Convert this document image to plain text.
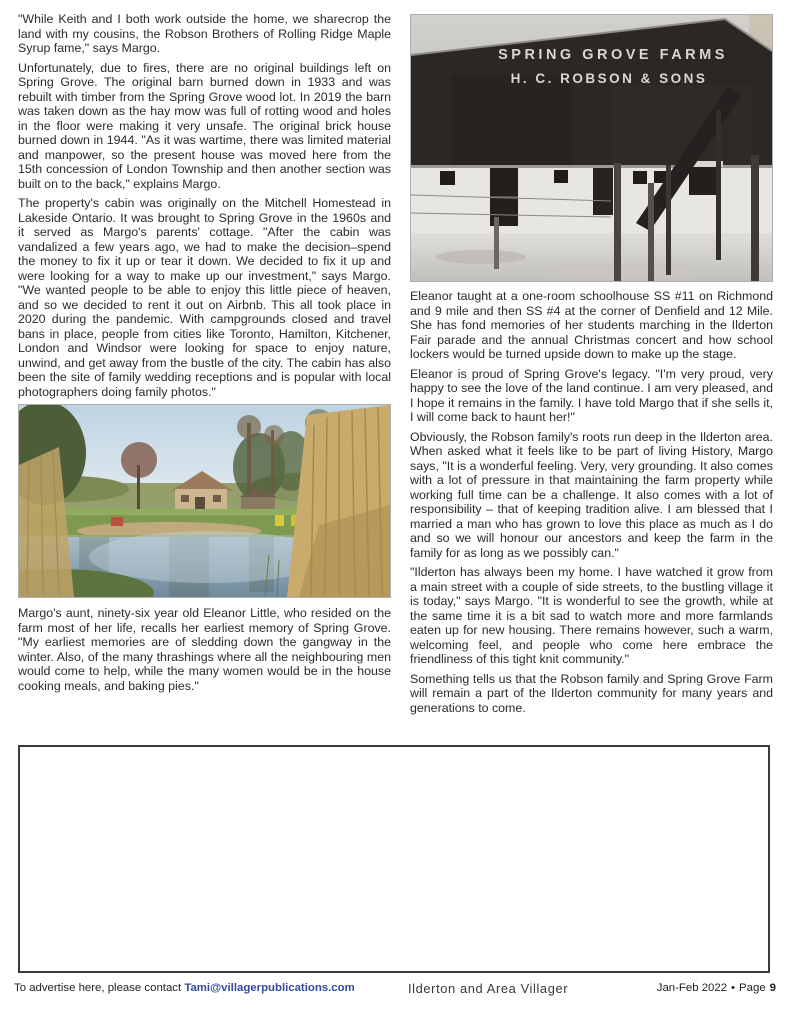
"While Keith and I both work outside the home, we sharecrop the land with my cousins, the Robson Brothers of Rolling Ridge Maple Syrup fame," says Margo.

Unfortunately, due to fires, there are no original buildings left on Spring Grove. The original barn burned down in 1933 and was rebuilt with timber from the Spring Grove wood lot. In 2019 the barn was taken down as the hay mow was full of rotting wood and holes in the floor were making it very unsafe. The original brick house burned down in 1944. "As it was wartime, there was limited material and manpower, so the present house was moved here from the 15th concession of London Township and then another section was built on to the back," explains Margo.

The property's cabin was originally on the Mitchell Homestead in Lakeside Ontario. It was brought to Spring Grove in the 1960s and it served as Margo's parents' cottage. "After the cabin was vandalized a few years ago, we had to make the decision–spend the money to fix it up or tear it down. We decided to fix it up and were looking for a way to make up our investment," says Margo. "We wanted people to be able to enjoy this little piece of heaven, and so we decided to rent it out on Airbnb. This all took place in 2020 during the pandemic. With campgrounds closed and travel bans in place, people from cities like Toronto, Hamilton, Kitchener, London and Windsor were looking for space to enjoy nature, unwind, and get away from the bustle of the city. The cabin has also been the site of family wedding receptions and is popular with local photographers doing family photos."

Margo's aunt, ninety-six year old Eleanor Little, who resided on the farm most of her life, recalls her earliest memory of Spring Grove. "My earliest memories are of sledding down the gangway in the winter. Also, of the many thrashings where all the neighbouring men would come to help, while the many women would be in the house cooking meals, and baking pies."

SPRING GROVE FARMS
H. C. ROBSON & SONS

Eleanor taught at a one-room schoolhouse SS #11 on Richmond and 9 mile and then SS #4 at the corner of Denfield and 12 Mile. She has fond memories of her students marching in the Ilderton Fair parade and the annual Christmas concert and how school lockers would be turned upside down to make up the stage.

Eleanor is proud of Spring Grove's legacy. "I'm very proud, very happy to see the love of the land continue. I am very pleased, and I hope it remains in the family. I have told Margo that if she sells it, I will come back to haunt her!"

Obviously, the Robson family's roots run deep in the Ilderton area. When asked what it feels like to be part of living History, Margo says, "It is a wonderful feeling. Very, very grounding. It also comes with a lot of pressure in that maintaining the farm property while working full time can be a challenge. It also comes with a lot of responsibility – that of keeping tradition alive. I am blessed that I married a man who has grown to love this place as much as I do and so we will honour our ancestors and keep the farm in the family for as long as we possibly can."

"Ilderton has always been my home. I have watched it grow from a main street with a couple of side streets, to the bustling village it is today," says Margo. "It is wonderful to see the growth, while at the same time it is a bit sad to watch more and more farmlands eaten up for new housing. There remains however, such a warm, welcoming feel, and people who come here embrace the friendliness of this tight knit community."

Something tells us that the Robson family and Spring Grove Farm will remain a part of the Ilderton community for many years and generations to come.

To advertise here, please contact Tami@villagerpublications.com	Ilderton and Area Villager	Jan-Feb 2022 • Page 9
